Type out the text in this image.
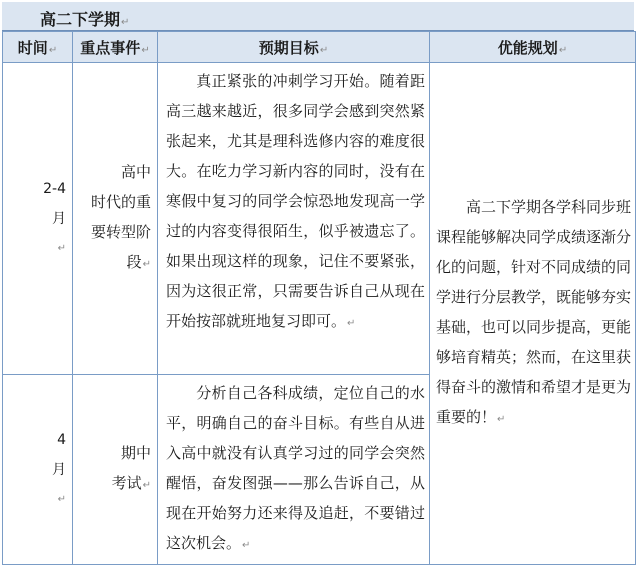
高二下学期↵
时间↵	重点事件↵	预期目标↵	优能规划↵

2-4
月
↵	高中
时代的重
要转型阶
段↵	真正紧张的冲刺学习开始。随着距高三越来越近，很多同学会感到突然紧张起来，尤其是理科选修内容的难度很大。在吃力学习新内容的同时，没有在寒假中复习的同学会惊恐地发现高一学过的内容变得很陌生，似乎被遗忘了。如果出现这样的现象，记住不要紧张，因为这很正常，只需要告诉自己从现在开始按部就班地复习即可。↵	高二下学期各学科同步班课程能够解决同学成绩逐渐分化的问题，针对不同成绩的同学进行分层教学，既能够夯实基础，也可以同步提高，更能够培育精英；然而，在这里获得奋斗的激情和希望才是更为重要的！↵

4
月
↵	期中
考试↵	分析自己各科成绩，定位自己的水平，明确自己的奋斗目标。有些自从进入高中就没有认真学习过的同学会突然醒悟，奋发图强——那么告诉自己，从现在开始努力还来得及追赶，不要错过这次机会。↵	
